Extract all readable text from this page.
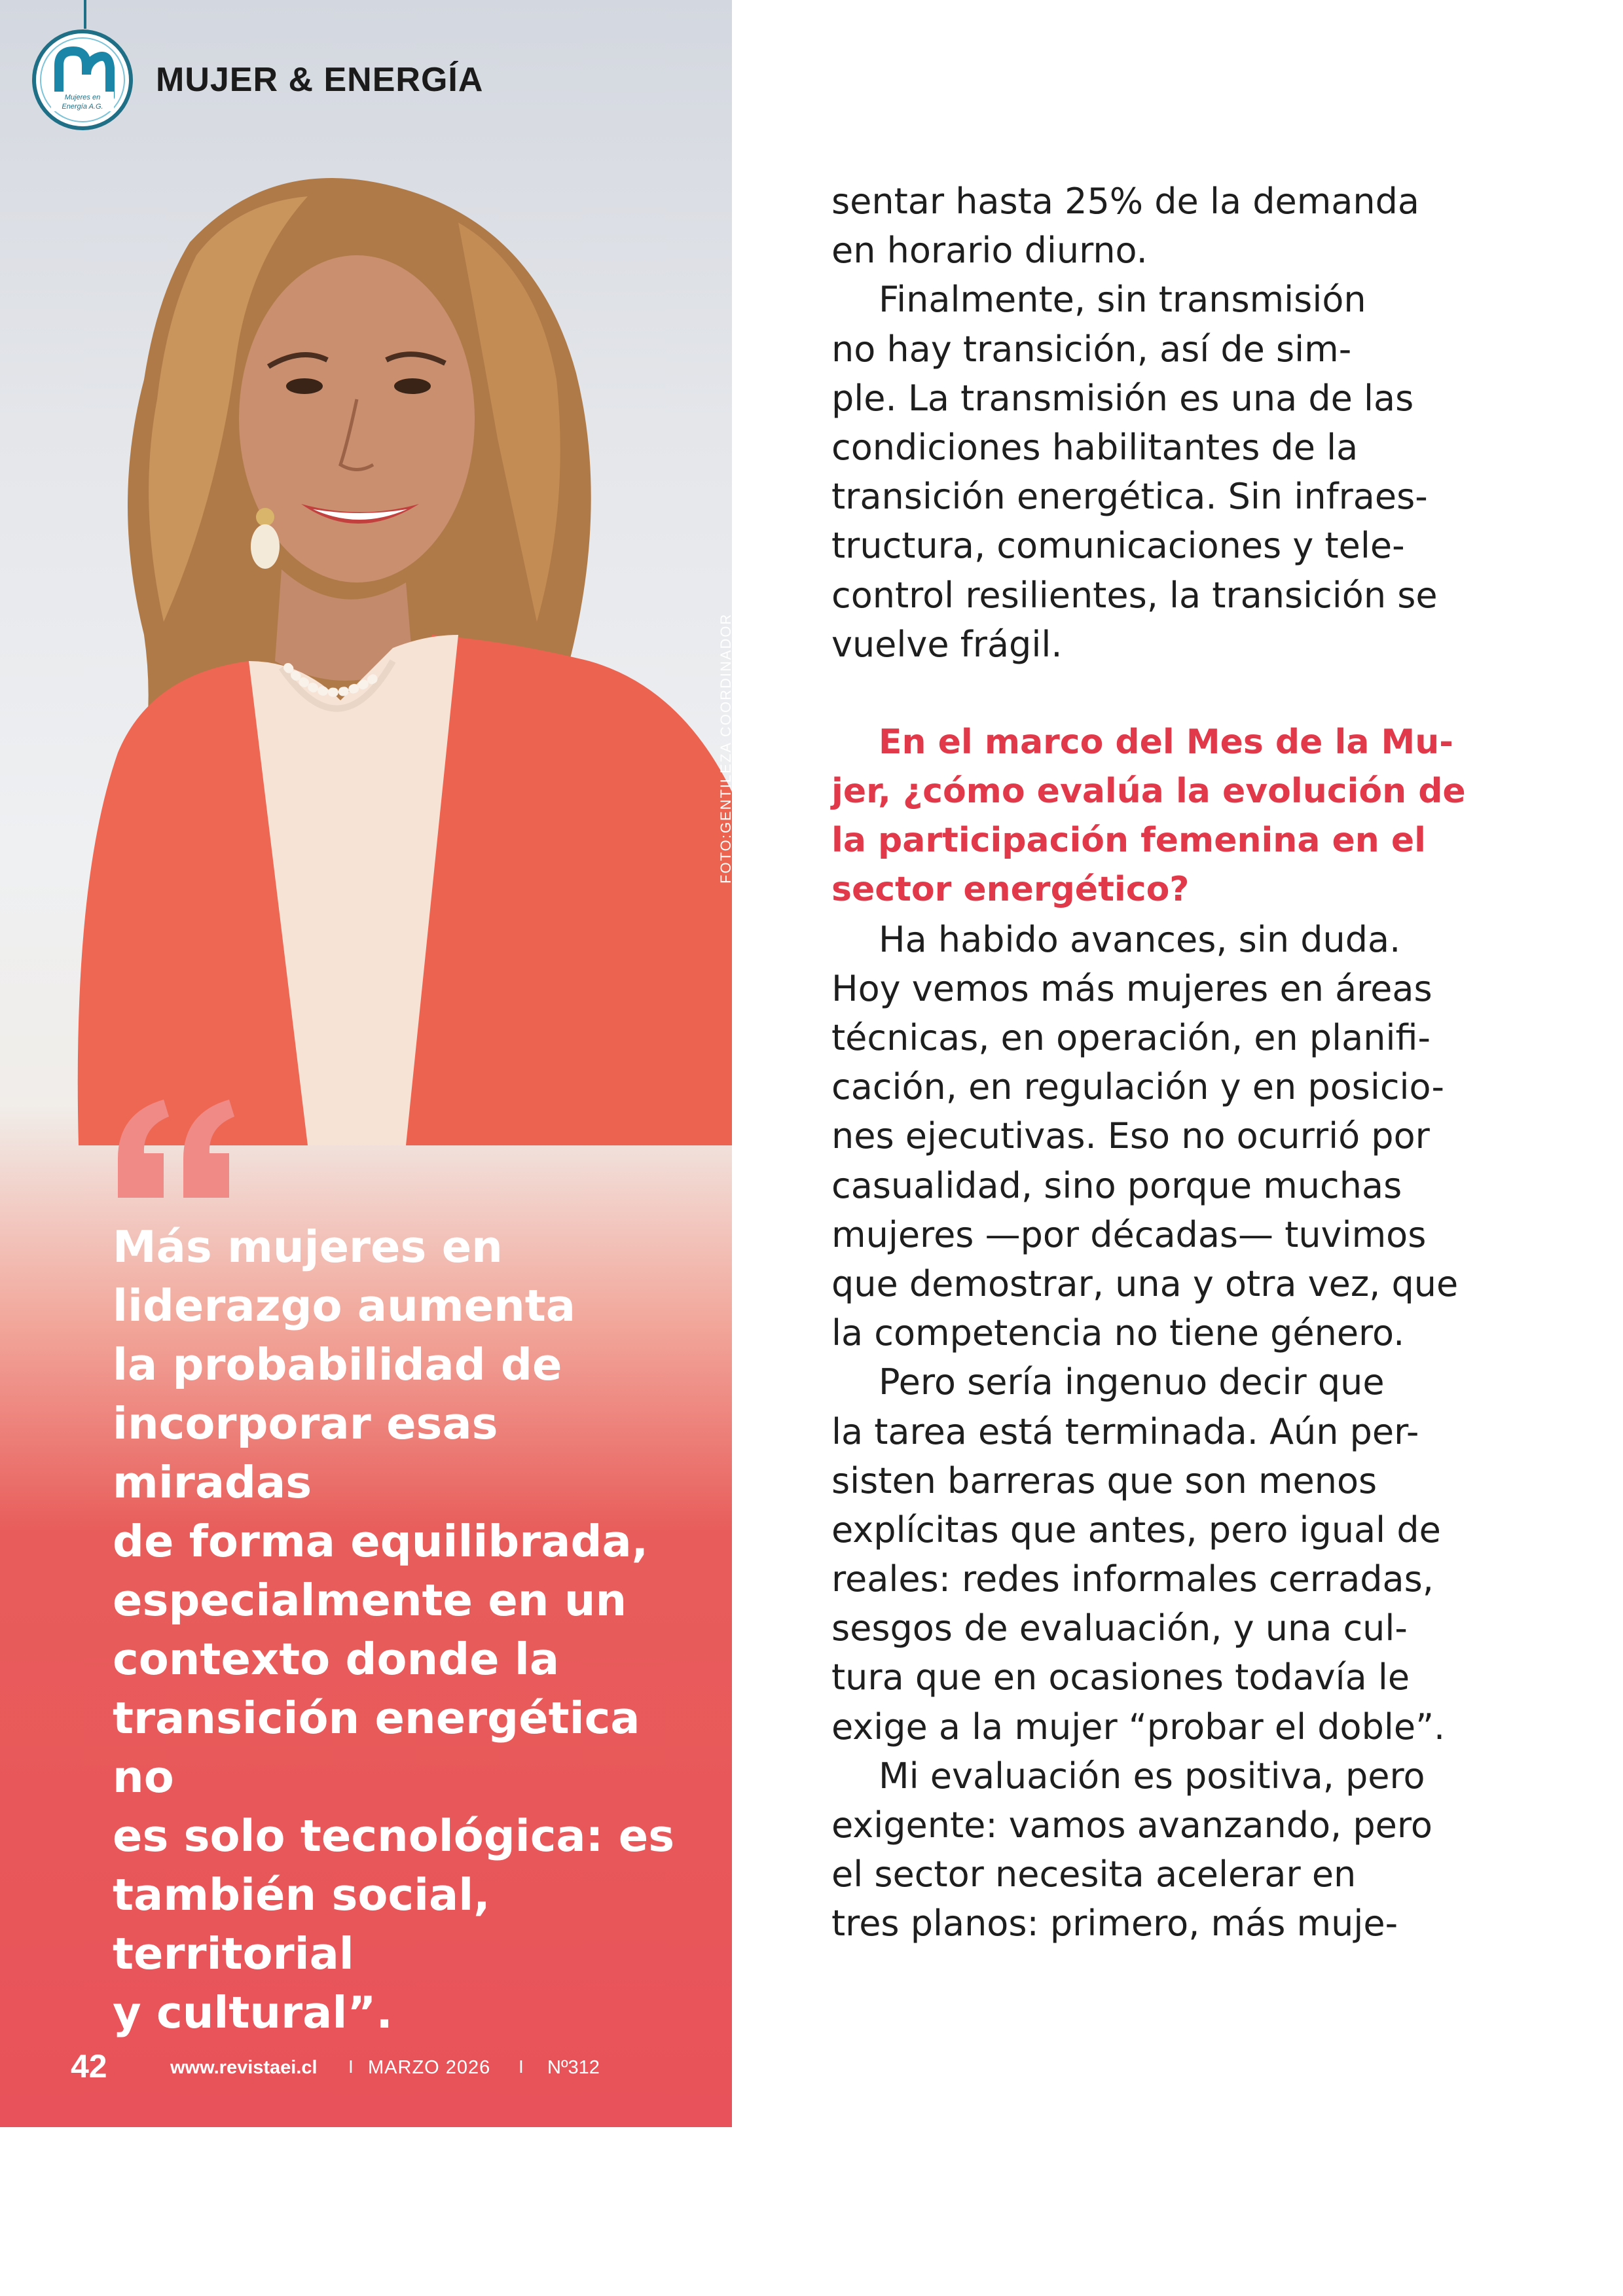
Mujeres en
Energía A.G.
MUJER & ENERGÍA
FOTO:GENTILEZA COORDINADOR
Más mujeres en
liderazgo aumenta
la probabilidad de
incorporar esas miradas
de forma equilibrada,
especialmente en un
contexto donde la
transición energética no
es solo tecnológica: es
también social, territorial
y cultural”.
42	www.revistaei.cl I MARZO 2026 I Nº312
sentar hasta 25% de la demanda
en horario diurno.
Finalmente, sin transmisión
no hay transición, así de sim-
ple. La transmisión es una de las
condiciones habilitantes de la
transición energética. Sin infraes-
tructura, comunicaciones y tele-
control resilientes, la transición se
vuelve frágil.
En el marco del Mes de la Mu-
jer, ¿cómo evalúa la evolución de
la participación femenina en el
sector energético?
Ha habido avances, sin duda.
Hoy vemos más mujeres en áreas
técnicas, en operación, en planifi-
cación, en regulación y en posicio-
nes ejecutivas. Eso no ocurrió por
casualidad, sino porque muchas
mujeres —por décadas— tuvimos
que demostrar, una y otra vez, que
la competencia no tiene género.
Pero sería ingenuo decir que
la tarea está terminada. Aún per-
sisten barreras que son menos
explícitas que antes, pero igual de
reales: redes informales cerradas,
sesgos de evaluación, y una cul-
tura que en ocasiones todavía le
exige a la mujer “probar el doble”.
Mi evaluación es positiva, pero
exigente: vamos avanzando, pero
el sector necesita acelerar en
tres planos: primero, más muje-
